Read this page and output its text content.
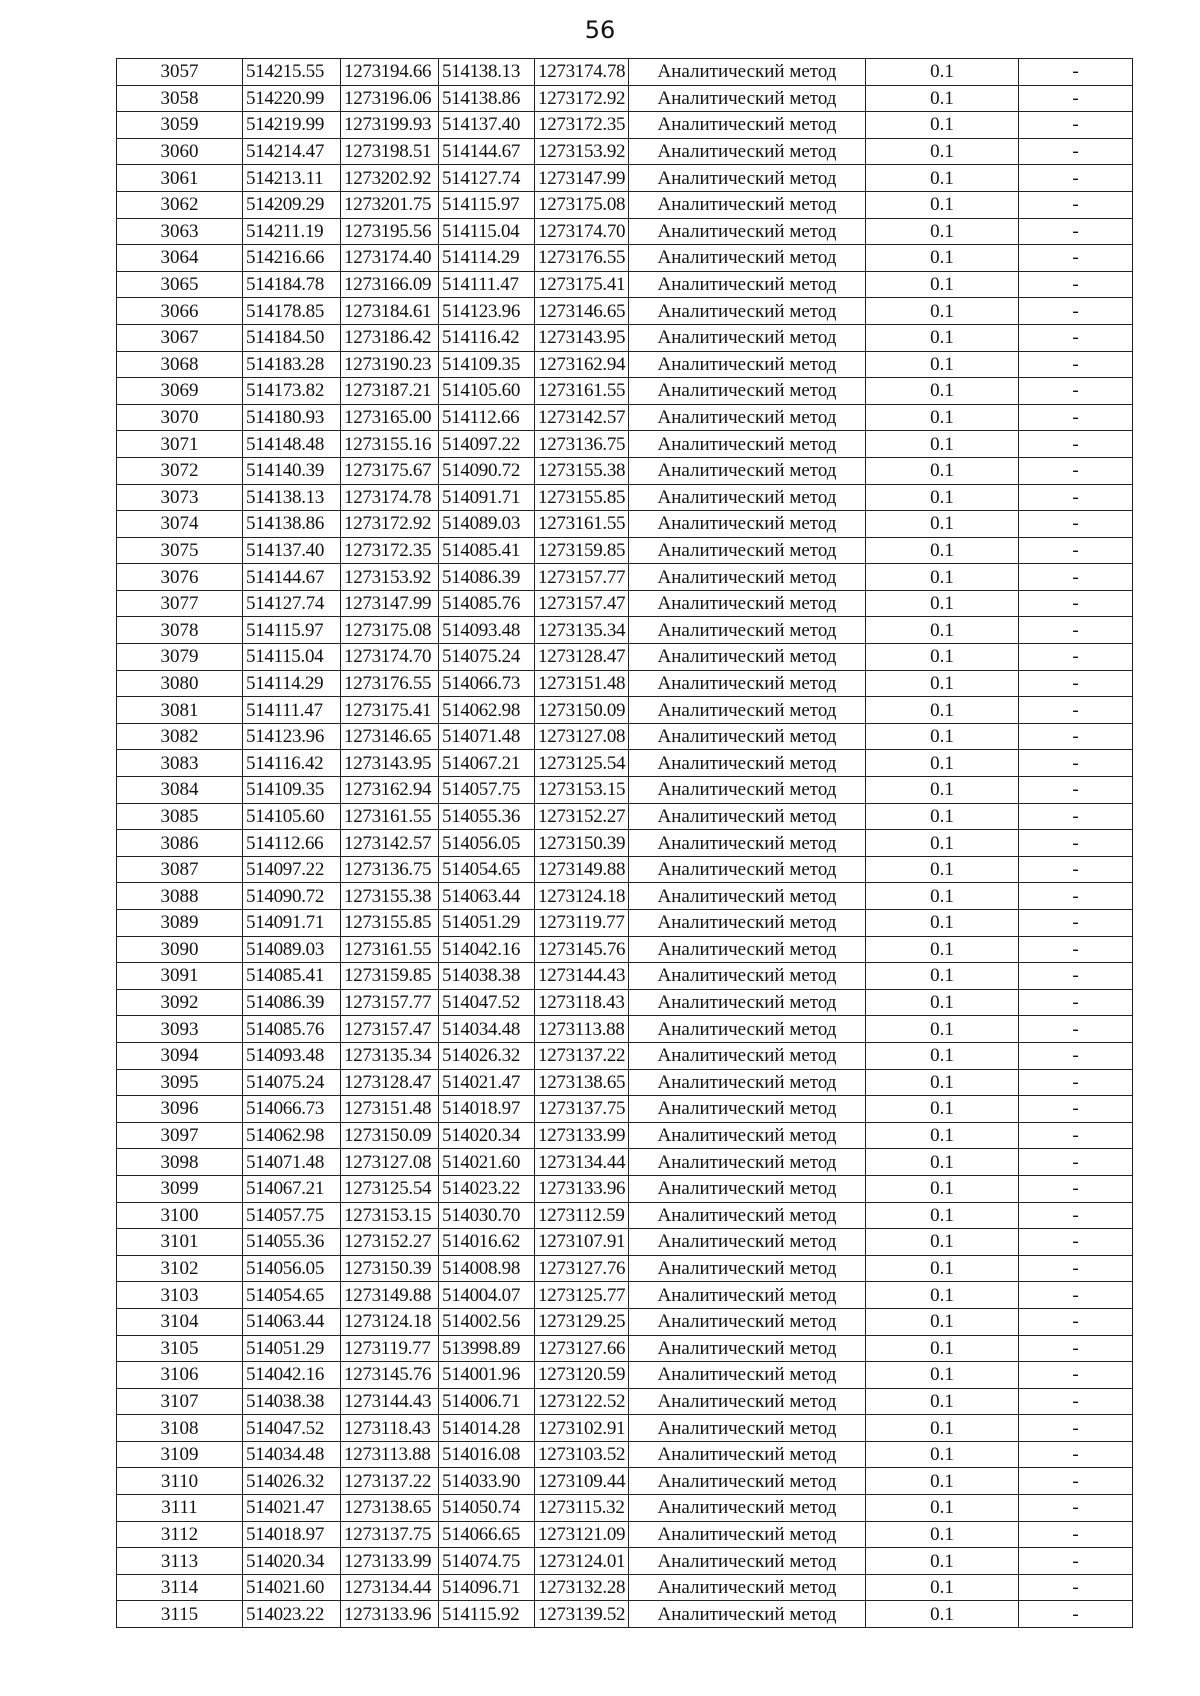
56
3057	514215.55	1273194.66	514138.13	1273174.78	Аналитический метод	0.1	-
3058	514220.99	1273196.06	514138.86	1273172.92	Аналитический метод	0.1	-
3059	514219.99	1273199.93	514137.40	1273172.35	Аналитический метод	0.1	-
3060	514214.47	1273198.51	514144.67	1273153.92	Аналитический метод	0.1	-
3061	514213.11	1273202.92	514127.74	1273147.99	Аналитический метод	0.1	-
3062	514209.29	1273201.75	514115.97	1273175.08	Аналитический метод	0.1	-
3063	514211.19	1273195.56	514115.04	1273174.70	Аналитический метод	0.1	-
3064	514216.66	1273174.40	514114.29	1273176.55	Аналитический метод	0.1	-
3065	514184.78	1273166.09	514111.47	1273175.41	Аналитический метод	0.1	-
3066	514178.85	1273184.61	514123.96	1273146.65	Аналитический метод	0.1	-
3067	514184.50	1273186.42	514116.42	1273143.95	Аналитический метод	0.1	-
3068	514183.28	1273190.23	514109.35	1273162.94	Аналитический метод	0.1	-
3069	514173.82	1273187.21	514105.60	1273161.55	Аналитический метод	0.1	-
3070	514180.93	1273165.00	514112.66	1273142.57	Аналитический метод	0.1	-
3071	514148.48	1273155.16	514097.22	1273136.75	Аналитический метод	0.1	-
3072	514140.39	1273175.67	514090.72	1273155.38	Аналитический метод	0.1	-
3073	514138.13	1273174.78	514091.71	1273155.85	Аналитический метод	0.1	-
3074	514138.86	1273172.92	514089.03	1273161.55	Аналитический метод	0.1	-
3075	514137.40	1273172.35	514085.41	1273159.85	Аналитический метод	0.1	-
3076	514144.67	1273153.92	514086.39	1273157.77	Аналитический метод	0.1	-
3077	514127.74	1273147.99	514085.76	1273157.47	Аналитический метод	0.1	-
3078	514115.97	1273175.08	514093.48	1273135.34	Аналитический метод	0.1	-
3079	514115.04	1273174.70	514075.24	1273128.47	Аналитический метод	0.1	-
3080	514114.29	1273176.55	514066.73	1273151.48	Аналитический метод	0.1	-
3081	514111.47	1273175.41	514062.98	1273150.09	Аналитический метод	0.1	-
3082	514123.96	1273146.65	514071.48	1273127.08	Аналитический метод	0.1	-
3083	514116.42	1273143.95	514067.21	1273125.54	Аналитический метод	0.1	-
3084	514109.35	1273162.94	514057.75	1273153.15	Аналитический метод	0.1	-
3085	514105.60	1273161.55	514055.36	1273152.27	Аналитический метод	0.1	-
3086	514112.66	1273142.57	514056.05	1273150.39	Аналитический метод	0.1	-
3087	514097.22	1273136.75	514054.65	1273149.88	Аналитический метод	0.1	-
3088	514090.72	1273155.38	514063.44	1273124.18	Аналитический метод	0.1	-
3089	514091.71	1273155.85	514051.29	1273119.77	Аналитический метод	0.1	-
3090	514089.03	1273161.55	514042.16	1273145.76	Аналитический метод	0.1	-
3091	514085.41	1273159.85	514038.38	1273144.43	Аналитический метод	0.1	-
3092	514086.39	1273157.77	514047.52	1273118.43	Аналитический метод	0.1	-
3093	514085.76	1273157.47	514034.48	1273113.88	Аналитический метод	0.1	-
3094	514093.48	1273135.34	514026.32	1273137.22	Аналитический метод	0.1	-
3095	514075.24	1273128.47	514021.47	1273138.65	Аналитический метод	0.1	-
3096	514066.73	1273151.48	514018.97	1273137.75	Аналитический метод	0.1	-
3097	514062.98	1273150.09	514020.34	1273133.99	Аналитический метод	0.1	-
3098	514071.48	1273127.08	514021.60	1273134.44	Аналитический метод	0.1	-
3099	514067.21	1273125.54	514023.22	1273133.96	Аналитический метод	0.1	-
3100	514057.75	1273153.15	514030.70	1273112.59	Аналитический метод	0.1	-
3101	514055.36	1273152.27	514016.62	1273107.91	Аналитический метод	0.1	-
3102	514056.05	1273150.39	514008.98	1273127.76	Аналитический метод	0.1	-
3103	514054.65	1273149.88	514004.07	1273125.77	Аналитический метод	0.1	-
3104	514063.44	1273124.18	514002.56	1273129.25	Аналитический метод	0.1	-
3105	514051.29	1273119.77	513998.89	1273127.66	Аналитический метод	0.1	-
3106	514042.16	1273145.76	514001.96	1273120.59	Аналитический метод	0.1	-
3107	514038.38	1273144.43	514006.71	1273122.52	Аналитический метод	0.1	-
3108	514047.52	1273118.43	514014.28	1273102.91	Аналитический метод	0.1	-
3109	514034.48	1273113.88	514016.08	1273103.52	Аналитический метод	0.1	-
3110	514026.32	1273137.22	514033.90	1273109.44	Аналитический метод	0.1	-
3111	514021.47	1273138.65	514050.74	1273115.32	Аналитический метод	0.1	-
3112	514018.97	1273137.75	514066.65	1273121.09	Аналитический метод	0.1	-
3113	514020.34	1273133.99	514074.75	1273124.01	Аналитический метод	0.1	-
3114	514021.60	1273134.44	514096.71	1273132.28	Аналитический метод	0.1	-
3115	514023.22	1273133.96	514115.92	1273139.52	Аналитический метод	0.1	-
